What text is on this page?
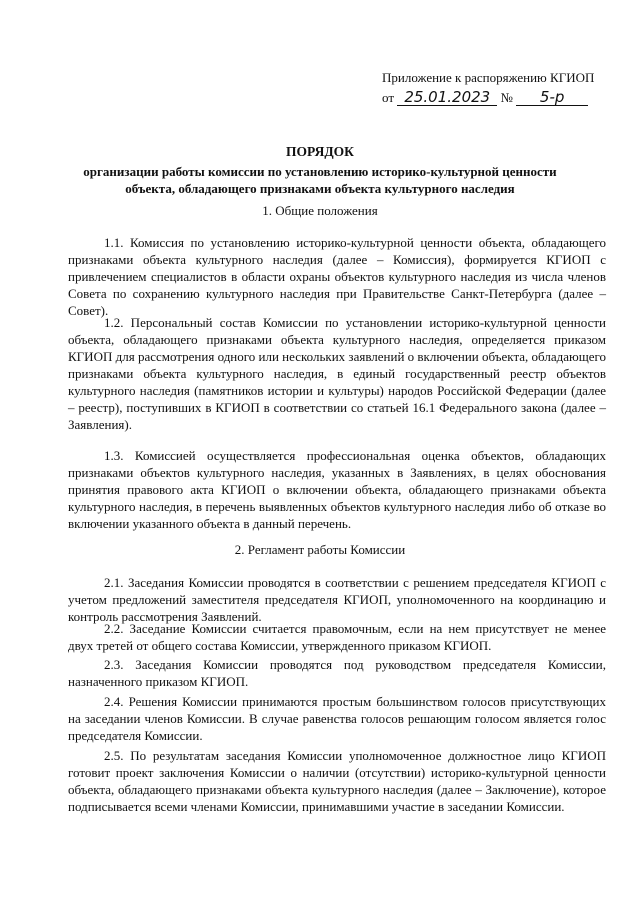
Приложение к распоряжению КГИОП
от 25.01.2023 № 5-р
ПОРЯДОК
организации работы комиссии по установлению историко-культурной ценности объекта, обладающего признаками объекта культурного наследия
1. Общие положения

1.1. Комиссия по установлению историко-культурной ценности объекта, обладающего признаками объекта культурного наследия (далее – Комиссия), формируется КГИОП с привлечением специалистов в области охраны объектов культурного наследия из числа членов Совета по сохранению культурного наследия при Правительстве Санкт-Петербурга (далее – Совет).

1.2. Персональный состав Комиссии по установлении историко-культурной ценности объекта, обладающего признаками объекта культурного наследия, определяется приказом КГИОП для рассмотрения одного или нескольких заявлений о включении объекта, обладающего признаками объекта культурного наследия, в единый государственный реестр объектов культурного наследия (памятников истории и культуры) народов Российской Федерации (далее – реестр), поступивших в КГИОП в соответствии со статьей 16.1 Федерального закона (далее – Заявления).

1.3. Комиссией осуществляется профессиональная оценка объектов, обладающих признаками объектов культурного наследия, указанных в Заявлениях, в целях обоснования принятия правового акта КГИОП о включении объекта, обладающего признаками объекта культурного наследия, в перечень выявленных объектов культурного наследия либо об отказе во включении указанного объекта в данный перечень.

2. Регламент работы Комиссии

2.1. Заседания Комиссии проводятся в соответствии с решением председателя КГИОП с учетом предложений заместителя председателя КГИОП, уполномоченного на координацию и контроль рассмотрения Заявлений.

2.2. Заседание Комиссии считается правомочным, если на нем присутствует не менее двух третей от общего состава Комиссии, утвержденного приказом КГИОП.

2.3. Заседания Комиссии проводятся под руководством председателя Комиссии, назначенного приказом КГИОП.

2.4. Решения Комиссии принимаются простым большинством голосов присутствующих на заседании членов Комиссии. В случае равенства голосов решающим голосом является голос председателя Комиссии.

2.5. По результатам заседания Комиссии уполномоченное должностное лицо КГИОП готовит проект заключения Комиссии о наличии (отсутствии) историко-культурной ценности объекта, обладающего признаками объекта культурного наследия (далее – Заключение), которое подписывается всеми членами Комиссии, принимавшими участие в заседании Комиссии.
